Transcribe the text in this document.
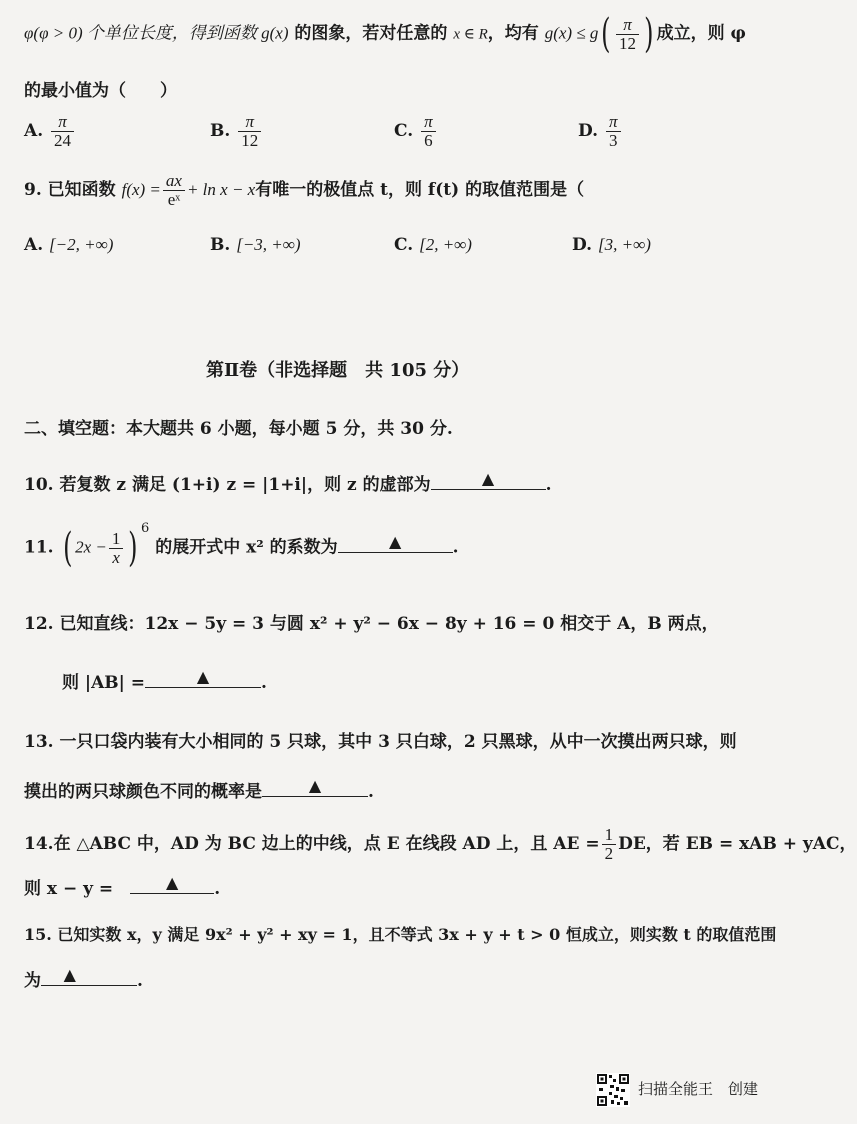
φ(φ > 0) 个单位长度，得到函数 g(x) 的图象，若对任意的 x ∈ R，均有 $g(x) \le g( \frac{\pi}{12}$ ) 成立，则 φ
的最小值为（　　）
A. $\frac{\pi}{24}$	B. $\frac{\pi}{12}$	C. $\frac{\pi}{6}$	D. $\frac{\pi}{3}$
9. 已知函数 $f(x) = \frac{ax}{\text{eˣ}} + \ln x - x$有唯一的极值点 t，则 f(t) 的取值范围是（
A. [−2, +∞)	B. [−3, +∞)	C. [2, +∞)	D. [3, +∞)
第Ⅱ卷（非选择题　共 105 分）
二、填空题：本大题共 6 小题，每小题 5 分，共 30 分.
10. 若复数 z 满足 (1+i) z = |1+i|，则 z 的虚部为	▲	.
11. ( $2x - \frac{1}{x}$ ) $^6$ 的展开式中 x² 的系数为	▲	.
12. 已知直线：12x − 5y = 3 与圆 x² + y² − 6x − 8y + 16 = 0 相交于 A，B 两点，
则 |AB| =	▲	.
13. 一只口袋内装有大小相同的 5 只球，其中 3 只白球，2 只黑球，从中一次摸出两只球，则
摸出的两只球颜色不同的概率是	▲	.
14.在 △ABC 中，AD 为 BC 边上的中线，点 E 在线段 AD 上，且 AE = $\frac{1}{2}$ DE，若 EB = xAB + yAC，
则 x − y =　	▲ .
15. 已知实数 x，y 满足 9x² + y² + xy = 1，且不等式 3x + y + t > 0 恒成立，则实数 t 的取值范围
为 ▲	.
扫描全能王　创建
